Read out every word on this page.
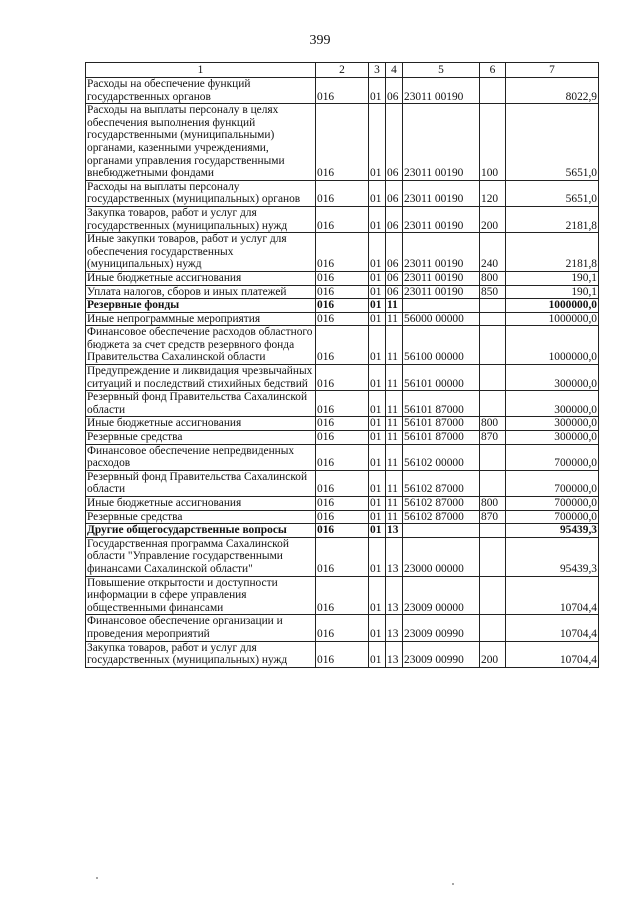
399
1	2	3	4	5	6	7
Расходы на обеспечение функций государственных органов	016	01	06	23011 00190		8022,9
Расходы на выплаты персоналу в целях обеспечения выполнения функций государственными (муниципальными) органами, казенными учреждениями, органами управления государственными внебюджетными фондами	016	01	06	23011 00190	100	5651,0
Расходы на выплаты персоналу государственных (муниципальных) органов	016	01	06	23011 00190	120	5651,0
Закупка товаров, работ и услуг для государственных (муниципальных) нужд	016	01	06	23011 00190	200	2181,8
Иные закупки товаров, работ и услуг для обеспечения государственных (муниципальных) нужд	016	01	06	23011 00190	240	2181,8
Иные бюджетные ассигнования	016	01	06	23011 00190	800	190,1
Уплата налогов, сборов и иных платежей	016	01	06	23011 00190	850	190,1
Резервные фонды	016	01	11			1000000,0
Иные непрограммные мероприятия	016	01	11	56000 00000		1000000,0
Финансовое обеспечение расходов областного бюджета за счет средств резервного фонда Правительства Сахалинской области	016	01	11	56100 00000		1000000,0
Предупреждение и ликвидация чрезвычайных ситуаций и последствий стихийных бедствий	016	01	11	56101 00000		300000,0
Резервный фонд Правительства Сахалинской области	016	01	11	56101 87000		300000,0
Иные бюджетные ассигнования	016	01	11	56101 87000	800	300000,0
Резервные средства	016	01	11	56101 87000	870	300000,0
Финансовое обеспечение непредвиденных расходов	016	01	11	56102 00000		700000,0
Резервный фонд Правительства Сахалинской области	016	01	11	56102 87000		700000,0
Иные бюджетные ассигнования	016	01	11	56102 87000	800	700000,0
Резервные средства	016	01	11	56102 87000	870	700000,0
Другие общегосударственные вопросы	016	01	13			95439,3
Государственная программа Сахалинской области "Управление государственными финансами Сахалинской области"	016	01	13	23000 00000		95439,3
Повышение открытости и доступности информации в сфере управления общественными финансами	016	01	13	23009 00000		10704,4
Финансовое обеспечение организации и проведения мероприятий	016	01	13	23009 00990		10704,4
Закупка товаров, работ и услуг для государственных (муниципальных) нужд	016	01	13	23009 00990	200	10704,4
